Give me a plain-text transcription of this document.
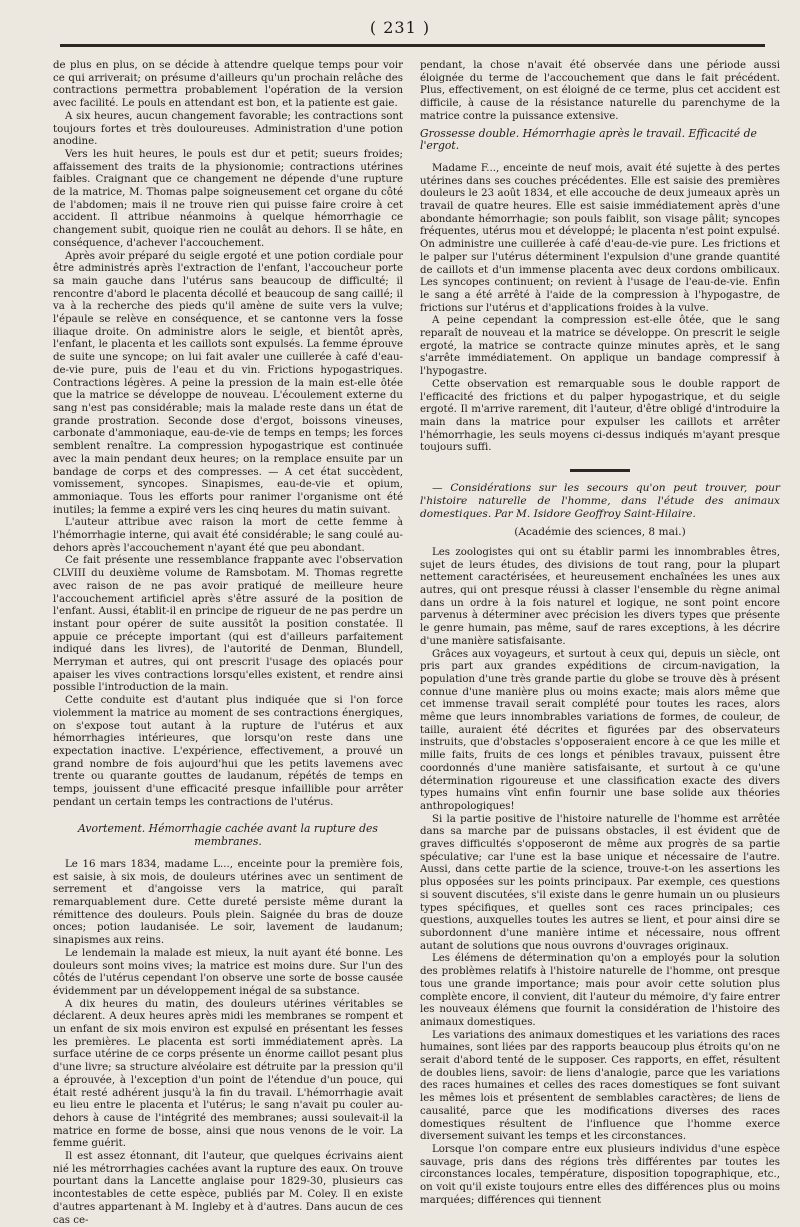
( 231 )

de plus en plus, on se décide à attendre quelque temps pour voir ce qui arriverait; on présume d'ailleurs qu'un prochain relâche des contractions permettra probablement l'opération de la version avec facilité. Le pouls en attendant est bon, et la patiente est gaie.

A six heures, aucun changement favorable; les contractions sont toujours fortes et très douloureuses. Administration d'une potion anodine.

Vers les huit heures, le pouls est dur et petit; sueurs froides; affaissement des traits de la physionomie; contractions utérines faibles. Craignant que ce changement ne dépende d'une rupture de la matrice, M. Thomas palpe soigneusement cet organe du côté de l'abdomen; mais il ne trouve rien qui puisse faire croire à cet accident. Il attribue néanmoins à quelque hémorrhagie ce changement subit, quoique rien ne coulât au dehors. Il se hâte, en conséquence, d'achever l'accouchement.

Après avoir préparé du seigle ergoté et une potion cordiale pour être administrés après l'extraction de l'enfant, l'accoucheur porte sa main gauche dans l'utérus sans beaucoup de difficulté; il rencontre d'abord le placenta décollé et beaucoup de sang caillé; il va à la recherche des pieds qu'il amène de suite vers la vulve; l'épaule se relève en conséquence, et se cantonne vers la fosse iliaque droite. On administre alors le seigle, et bientôt après, l'enfant, le placenta et les caillots sont expulsés. La femme éprouve de suite une syncope; on lui fait avaler une cuillerée à café d'eau-de-vie pure, puis de l'eau et du vin. Frictions hypogastriques. Contractions légères. A peine la pression de la main est-elle ôtée que la matrice se développe de nouveau. L'écoulement externe du sang n'est pas considérable; mais la malade reste dans un état de grande prostration. Seconde dose d'ergot, boissons vineuses, carbonate d'ammoniaque, eau-de-vie de temps en temps; les forces semblent renaître. La compression hypogastrique est continuée avec la main pendant deux heures; on la remplace ensuite par un bandage de corps et des compresses. — A cet état succèdent, vomissement, syncopes. Sinapismes, eau-de-vie et opium, ammoniaque. Tous les efforts pour ranimer l'organisme ont été inutiles; la femme a expiré vers les cinq heures du matin suivant.

L'auteur attribue avec raison la mort de cette femme à l'hémorrhagie interne, qui avait été considérable; le sang coulé au-dehors après l'accouchement n'ayant été que peu abondant.

Ce fait présente une ressemblance frappante avec l'observation CLVIII du deuxième volume de Ramsbotam. M. Thomas regrette avec raison de ne pas avoir pratiqué de meilleure heure l'accouchement artificiel après s'être assuré de la position de l'enfant. Aussi, établit-il en principe de rigueur de ne pas perdre un instant pour opérer de suite aussitôt la position constatée. Il appuie ce précepte important (qui est d'ailleurs parfaitement indiqué dans les livres), de l'autorité de Denman, Blundell, Merryman et autres, qui ont prescrit l'usage des opiacés pour apaiser les vives contractions lorsqu'elles existent, et rendre ainsi possible l'introduction de la main.

Cette conduite est d'autant plus indiquée que si l'on force violemment la matrice au moment de ses contractions énergiques, on s'expose tout autant à la rupture de l'utérus et aux hémorrhagies intérieures, que lorsqu'on reste dans une expectation inactive. L'expérience, effectivement, a prouvé un grand nombre de fois aujourd'hui que les petits lavemens avec trente ou quarante gouttes de laudanum, répétés de temps en temps, jouissent d'une efficacité presque infaillible pour arrêter pendant un certain temps les contractions de l'utérus.

Avortement. Hémorrhagie cachée avant la rupture des membranes.

Le 16 mars 1834, madame L..., enceinte pour la première fois, est saisie, à six mois, de douleurs utérines avec un sentiment de serrement et d'angoisse vers la matrice, qui paraît remarquablement dure. Cette dureté persiste même durant la rémittence des douleurs. Pouls plein. Saignée du bras de douze onces; potion laudanisée. Le soir, lavement de laudanum; sinapismes aux reins.

Le lendemain la malade est mieux, la nuit ayant été bonne. Les douleurs sont moins vives; la matrice est moins dure. Sur l'un des côtés de l'utérus cependant l'on observe une sorte de bosse causée évidemment par un développement inégal de sa substance.

A dix heures du matin, des douleurs utérines véritables se déclarent. A deux heures après midi les membranes se rompent et un enfant de six mois environ est expulsé en présentant les fesses les premières. Le placenta est sorti immédiatement après. La surface utérine de ce corps présente un énorme caillot pesant plus d'une livre; sa structure alvéolaire est détruite par la pression qu'il a éprouvée, à l'exception d'un point de l'étendue d'un pouce, qui était resté adhérent jusqu'à la fin du travail. L'hémorrhagie avait eu lieu entre le placenta et l'utérus; le sang n'avait pu couler au-dehors à cause de l'intégrité des membranes; aussi soulevait-il la matrice en forme de bosse, ainsi que nous venons de le voir. La femme guérit.

Il est assez étonnant, dit l'auteur, que quelques écrivains aient nié les métrorrhagies cachées avant la rupture des eaux. On trouve pourtant dans la Lancette anglaise pour 1829-30, plusieurs cas incontestables de cette espèce, publiés par M. Coley. Il en existe d'autres appartenant à M. Ingleby et à d'autres. Dans aucun de ces cas ce-

pendant, la chose n'avait été observée dans une période aussi éloignée du terme de l'accouchement que dans le fait précédent. Plus, effectivement, on est éloigné de ce terme, plus cet accident est difficile, à cause de la résistance naturelle du parenchyme de la matrice contre la puissance extensive.

Grossesse double. Hémorrhagie après le travail. Efficacité de l'ergot.

Madame F..., enceinte de neuf mois, avait été sujette à des pertes utérines dans ses couches précédentes. Elle est saisie des premières douleurs le 23 août 1834, et elle accouche de deux jumeaux après un travail de quatre heures. Elle est saisie immédiatement après d'une abondante hémorrhagie; son pouls faiblit, son visage pâlit; syncopes fréquentes, utérus mou et développé; le placenta n'est point expulsé. On administre une cuillerée à café d'eau-de-vie pure. Les frictions et le palper sur l'utérus déterminent l'expulsion d'une grande quantité de caillots et d'un immense placenta avec deux cordons ombilicaux. Les syncopes continuent; on revient à l'usage de l'eau-de-vie. Enfin le sang a été arrêté à l'aide de la compression à l'hypogastre, de frictions sur l'utérus et d'applications froides à la vulve.

A peine cependant la compression est-elle ôtée, que le sang reparaît de nouveau et la matrice se développe. On prescrit le seigle ergoté, la matrice se contracte quinze minutes après, et le sang s'arrête immédiatement. On applique un bandage compressif à l'hypogastre.

Cette observation est remarquable sous le double rapport de l'efficacité des frictions et du palper hypogastrique, et du seigle ergoté. Il m'arrive rarement, dit l'auteur, d'être obligé d'introduire la main dans la matrice pour expulser les caillots et arrêter l'hémorrhagie, les seuls moyens ci-dessus indiqués m'ayant presque toujours suffi.

— Considérations sur les secours qu'on peut trouver, pour l'histoire naturelle de l'homme, dans l'étude des animaux domestiques. Par M. Isidore Geoffroy Saint-Hilaire.

(Académie des sciences, 8 mai.)

Les zoologistes qui ont su établir parmi les innombrables êtres, sujet de leurs études, des divisions de tout rang, pour la plupart nettement caractérisées, et heureusement enchaînées les unes aux autres, qui ont presque réussi à classer l'ensemble du règne animal dans un ordre à la fois naturel et logique, ne sont point encore parvenus à déterminer avec précision les divers types que présente le genre humain, pas même, sauf de rares exceptions, à les décrire d'une manière satisfaisante.

Grâces aux voyageurs, et surtout à ceux qui, depuis un siècle, ont pris part aux grandes expéditions de circum-navigation, la population d'une très grande partie du globe se trouve dès à présent connue d'une manière plus ou moins exacte; mais alors même que cet immense travail serait complété pour toutes les races, alors même que leurs innombrables variations de formes, de couleur, de taille, auraient été décrites et figurées par des observateurs instruits, que d'obstacles s'opposeraient encore à ce que les mille et mille faits, fruits de ces longs et pénibles travaux, puissent être coordonnés d'une manière satisfaisante, et surtout à ce qu'une détermination rigoureuse et une classification exacte des divers types humains vînt enfin fournir une base solide aux théories anthropologiques!

Si la partie positive de l'histoire naturelle de l'homme est arrêtée dans sa marche par de puissans obstacles, il est évident que de graves difficultés s'opposeront de même aux progrès de sa partie spéculative; car l'une est la base unique et nécessaire de l'autre. Aussi, dans cette partie de la science, trouve-t-on les assertions les plus opposées sur les points principaux. Par exemple, ces questions si souvent discutées, s'il existe dans le genre humain un ou plusieurs types spécifiques, et quelles sont ces races principales; ces questions, auxquelles toutes les autres se lient, et pour ainsi dire se subordonnent d'une manière intime et nécessaire, nous offrent autant de solutions que nous ouvrons d'ouvrages originaux.

Les élémens de détermination qu'on a employés pour la solution des problèmes relatifs à l'histoire naturelle de l'homme, ont presque tous une grande importance; mais pour avoir cette solution plus complète encore, il convient, dit l'auteur du mémoire, d'y faire entrer les nouveaux élémens que fournit la considération de l'histoire des animaux domestiques.

Les variations des animaux domestiques et les variations des races humaines, sont liées par des rapports beaucoup plus étroits qu'on ne serait d'abord tenté de le supposer. Ces rapports, en effet, résultent de doubles liens, savoir: de liens d'analogie, parce que les variations des races humaines et celles des races domestiques se font suivant les mêmes lois et présentent de semblables caractères; de liens de causalité, parce que les modifications diverses des races domestiques résultent de l'influence que l'homme exerce diversement suivant les temps et les circonstances.

Lorsque l'on compare entre eux plusieurs individus d'une espèce sauvage, pris dans des régions très différentes par toutes les circonstances locales, température, disposition topographique, etc., on voit qu'il existe toujours entre elles des différences plus ou moins marquées; différences qui tiennent
